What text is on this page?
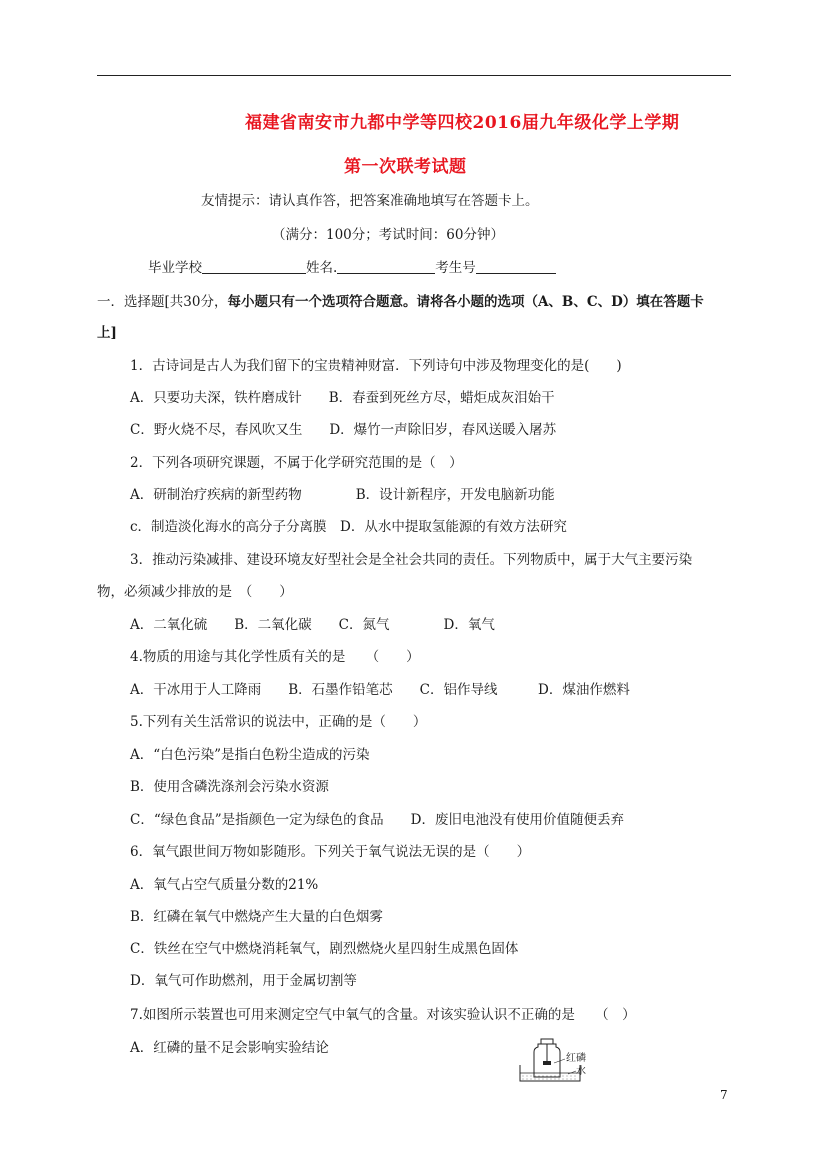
福建省南安市九都中学等四校2016届九年级化学上学期
第一次联考试题
友情提示：请认真作答，把答案准确地填写在答题卡上。
（满分：100分；考试时间：60分钟）
毕业学校	姓名.	考生号
一．选择题[共30分，每小题只有一个选项符合题意。请将各小题的选项（A、B、C、D）填在答题卡
上]
1．古诗词是古人为我们留下的宝贵精神财富．下列诗句中涉及物理变化的是(　　)
A．只要功夫深，铁杵磨成针　　B．春蚕到死丝方尽，蜡炬成灰泪始干
C．野火烧不尽，春风吹又生　　D．爆竹一声除旧岁，春风送暖入屠苏
2．下列各项研究课题，不属于化学研究范围的是（　）
A．研制治疗疾病的新型药物　　　　B．设计新程序，开发电脑新功能
c．制造淡化海水的高分子分离膜　D．从水中提取氢能源的有效方法研究
3．推动污染减排、建设环境友好型社会是全社会共同的责任。下列物质中，属于大气主要污染
物，必须减少排放的是　（　　）
A．二氧化硫　　B．二氧化碳　　C．氮气　　　　D．氧气
4.物质的用途与其化学性质有关的是　　（　　）
A．干冰用于人工降雨　　B．石墨作铅笔芯　　C．铝作导线　　　D．煤油作燃料
5.下列有关生活常识的说法中，正确的是（　　）
A．“白色污染”是指白色粉尘造成的污染
B．使用含磷洗涤剂会污染水资源
C．“绿色食品”是指颜色一定为绿色的食品　　D．废旧电池没有使用价值随便丢弃
6．氧气跟世间万物如影随形。下列关于氧气说法无误的是（　　）
A．氧气占空气质量分数的21%
B．红磷在氧气中燃烧产生大量的白色烟雾
C．铁丝在空气中燃烧消耗氧气，剧烈燃烧火星四射生成黑色固体
D．氧气可作助燃剂，用于金属切割等
7.如图所示装置也可用来测定空气中氧气的含量。对该实验认识不正确的是　　（　）
A．红磷的量不足会影响实验结论
红磷
水
7
